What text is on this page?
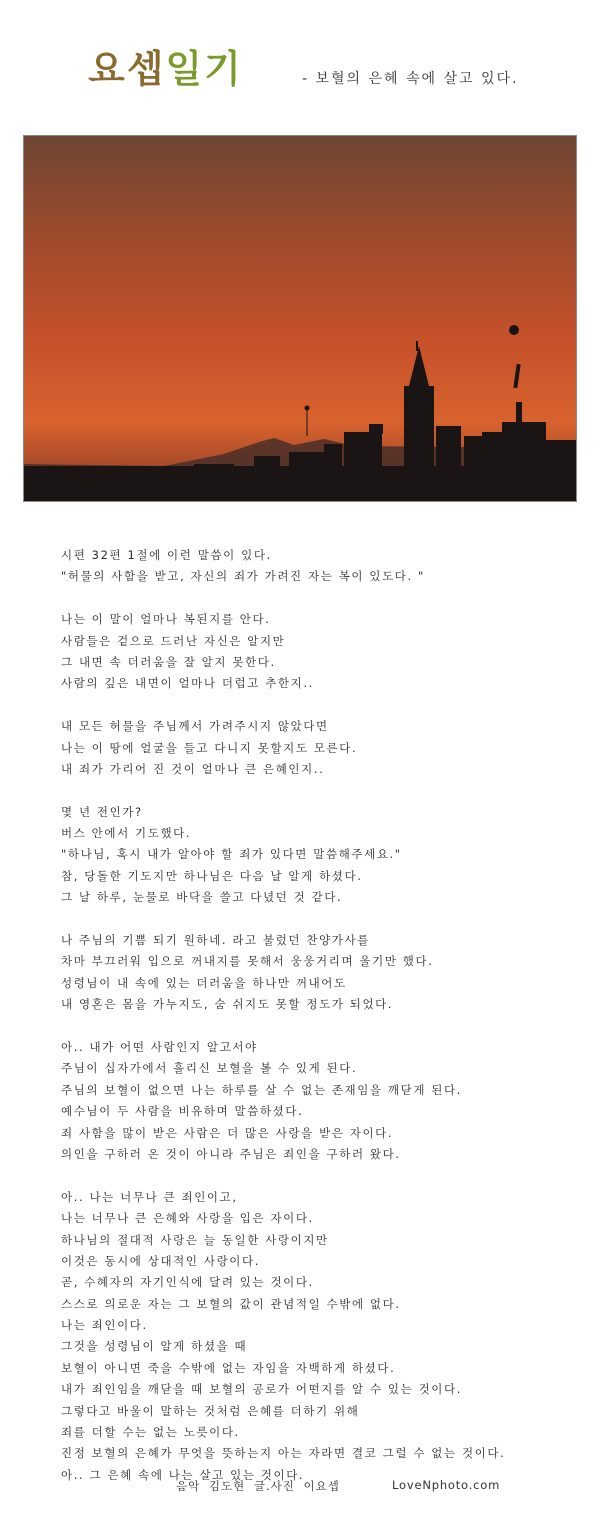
요셉일기	- 보혈의 은혜 속에 살고 있다.
시편 32편 1절에 이런 말씀이 있다.
"허물의 사함을 받고, 자신의 죄가 가려진 자는 복이 있도다. "
나는 이 말이 얼마나 복된지를 안다.
사람들은 겉으로 드러난 자신은 알지만
그 내면 속 더러움을 잘 알지 못한다.
사람의 깊은 내면이 얼마나 더럽고 추한지..
내 모든 허물을 주님께서 가려주시지 않았다면
나는 이 땅에 얼굴을 들고 다니지 못할지도 모른다.
내 죄가 가리어 진 것이 얼마나 큰 은혜인지..
몇 년 전인가?
버스 안에서 기도했다.
"하나님, 혹시 내가 알아야 할 죄가 있다면 말씀해주세요."
참, 당돌한 기도지만 하나님은 다음 날 알게 하셨다.
그 날 하루, 눈물로 바닥을 쓸고 다녔던 것 같다.
나 주님의 기쁨 되기 원하네. 라고 불렀던 찬양가사를
차마 부끄러워 입으로 꺼내지를 못해서 웅웅거리며 울기만 했다.
성령님이 내 속에 있는 더러움을 하나만 꺼내어도
내 영혼은 몸을 가누지도, 숨 쉬지도 못할 정도가 되었다.
아.. 내가 어떤 사람인지 알고서야
주님이 십자가에서 흘리신 보혈을 볼 수 있게 된다.
주님의 보혈이 없으면 나는 하루를 살 수 없는 존재임을 깨닫게 된다.
예수님이 두 사람을 비유하며 말씀하셨다.
죄 사함을 많이 받은 사람은 더 많은 사랑을 받은 자이다.
의인을 구하러 온 것이 아니라 주님은 죄인을 구하러 왔다.
아.. 나는 너무나 큰 죄인이고,
나는 너무나 큰 은혜와 사랑을 입은 자이다.
하나님의 절대적 사랑은 늘 동일한 사랑이지만
이것은 동시에 상대적인 사랑이다.
곧, 수혜자의 자기인식에 달려 있는 것이다.
스스로 의로운 자는 그 보혈의 값이 관념적일 수밖에 없다.
나는 죄인이다.
그것을 성령님이 알게 하셨을 때
보혈이 아니면 죽을 수밖에 없는 자임을 자백하게 하셨다.
내가 죄인임을 깨닫을 때 보혈의 공로가 어떤지를 알 수 있는 것이다.
그렇다고 바울이 말하는 것처럼 은혜를 더하기 위해
죄를 더할 수는 없는 노릇이다.
진정 보혈의 은혜가 무엇을 뜻하는지 아는 자라면 결코 그럴 수 없는 것이다.
아.. 그 은혜 속에 나는 살고 있는 것이다.
음악 김도현 글.사진 이요셉	LoveNphoto.com
